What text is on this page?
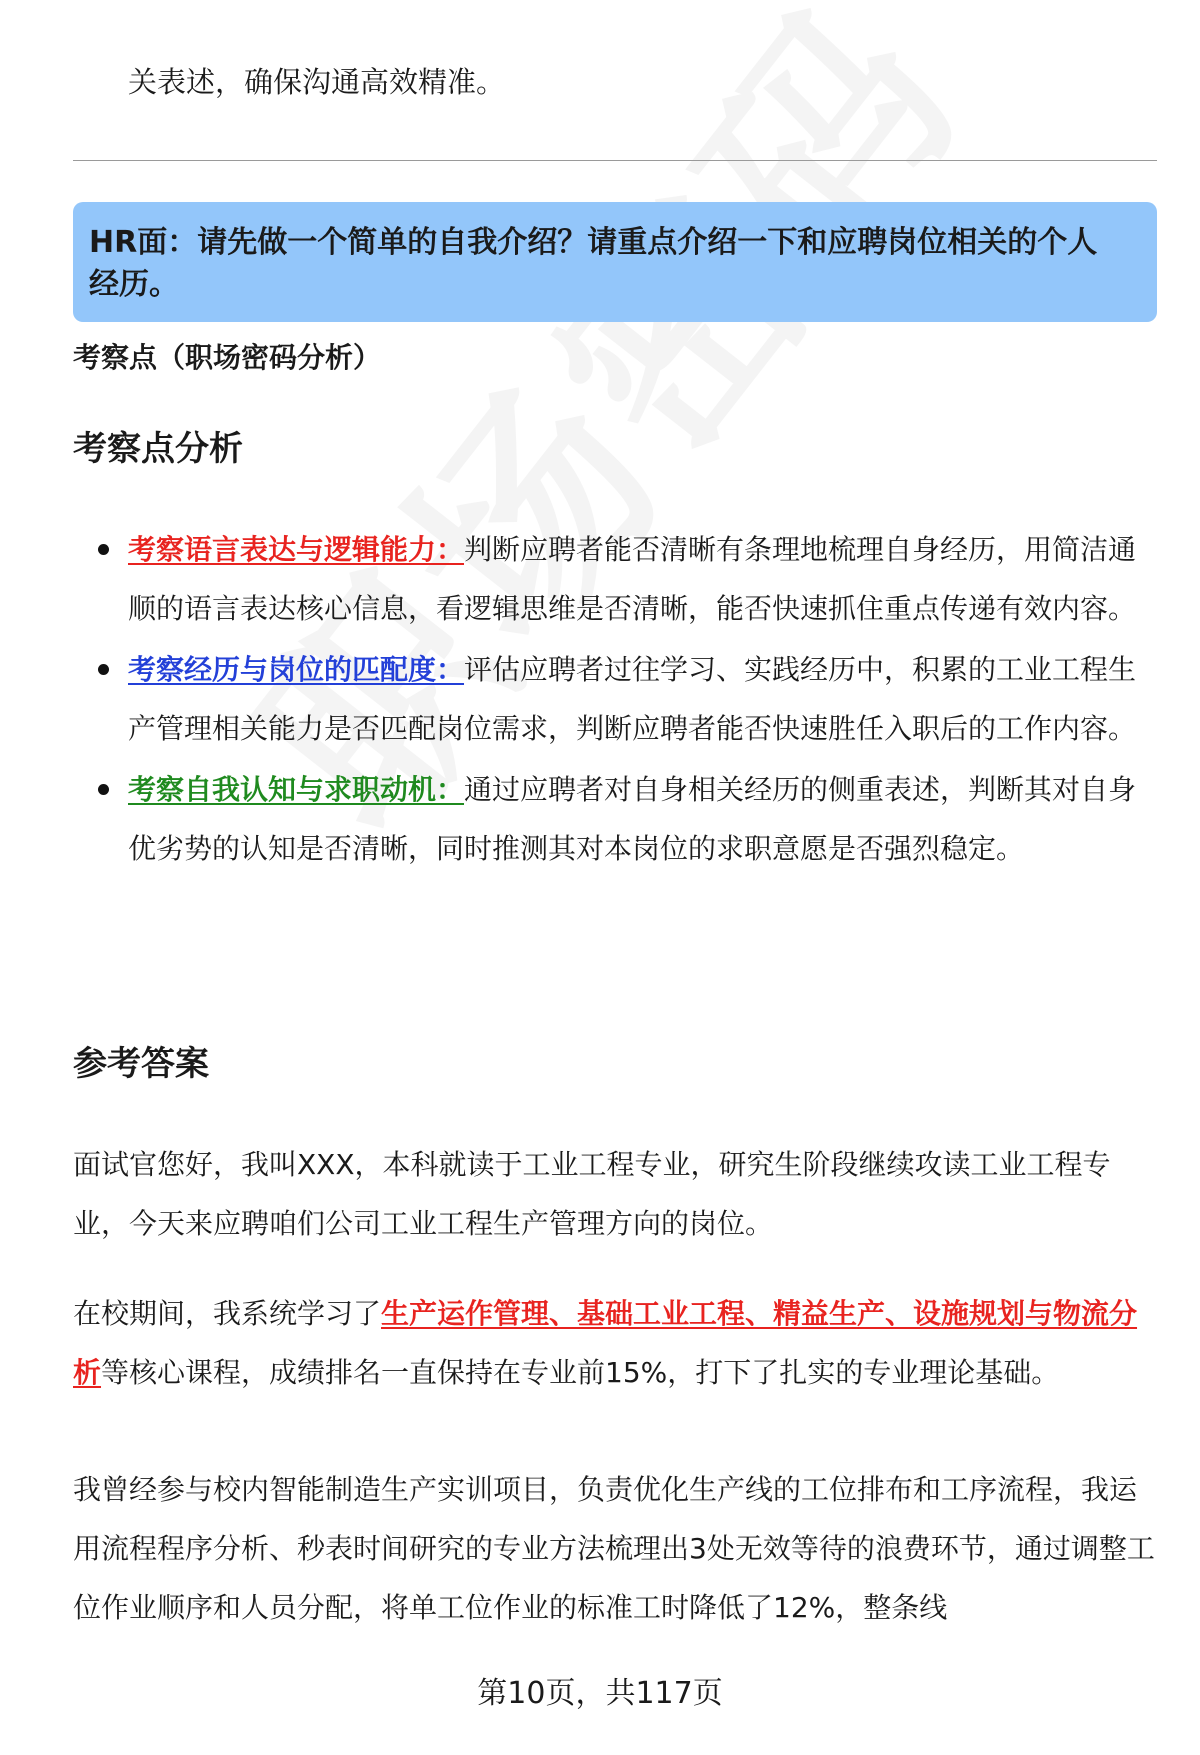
关表述，确保沟通高效精准。
HR面：请先做一个简单的自我介绍？请重点介绍一下和应聘岗位相关的个人经历。
考察点（职场密码分析）
考察点分析
考察语言表达与逻辑能力：判断应聘者能否清晰有条理地梳理自身经历，用简洁通顺的语言表达核心信息，看逻辑思维是否清晰，能否快速抓住重点传递有效内容。
考察经历与岗位的匹配度：评估应聘者过往学习、实践经历中，积累的工业工程生产管理相关能力是否匹配岗位需求，判断应聘者能否快速胜任入职后的工作内容。
考察自我认知与求职动机：通过应聘者对自身相关经历的侧重表述，判断其对自身优劣势的认知是否清晰，同时推测其对本岗位的求职意愿是否强烈稳定。
参考答案

面试官您好，我叫XXX，本科就读于工业工程专业，研究生阶段继续攻读工业工程专业，今天来应聘咱们公司工业工程生产管理方向的岗位。

在校期间，我系统学习了生产运作管理、基础工业工程、精益生产、设施规划与物流分析等核心课程，成绩排名一直保持在专业前15%，打下了扎实的专业理论基础。

我曾经参与校内智能制造生产实训项目，负责优化生产线的工位排布和工序流程，我运用流程程序分析、秒表时间研究的专业方法梳理出3处无效等待的浪费环节，通过调整工位作业顺序和人员分配，将单工位作业的标准工时降低了12%，整条线

第10页，共117页
